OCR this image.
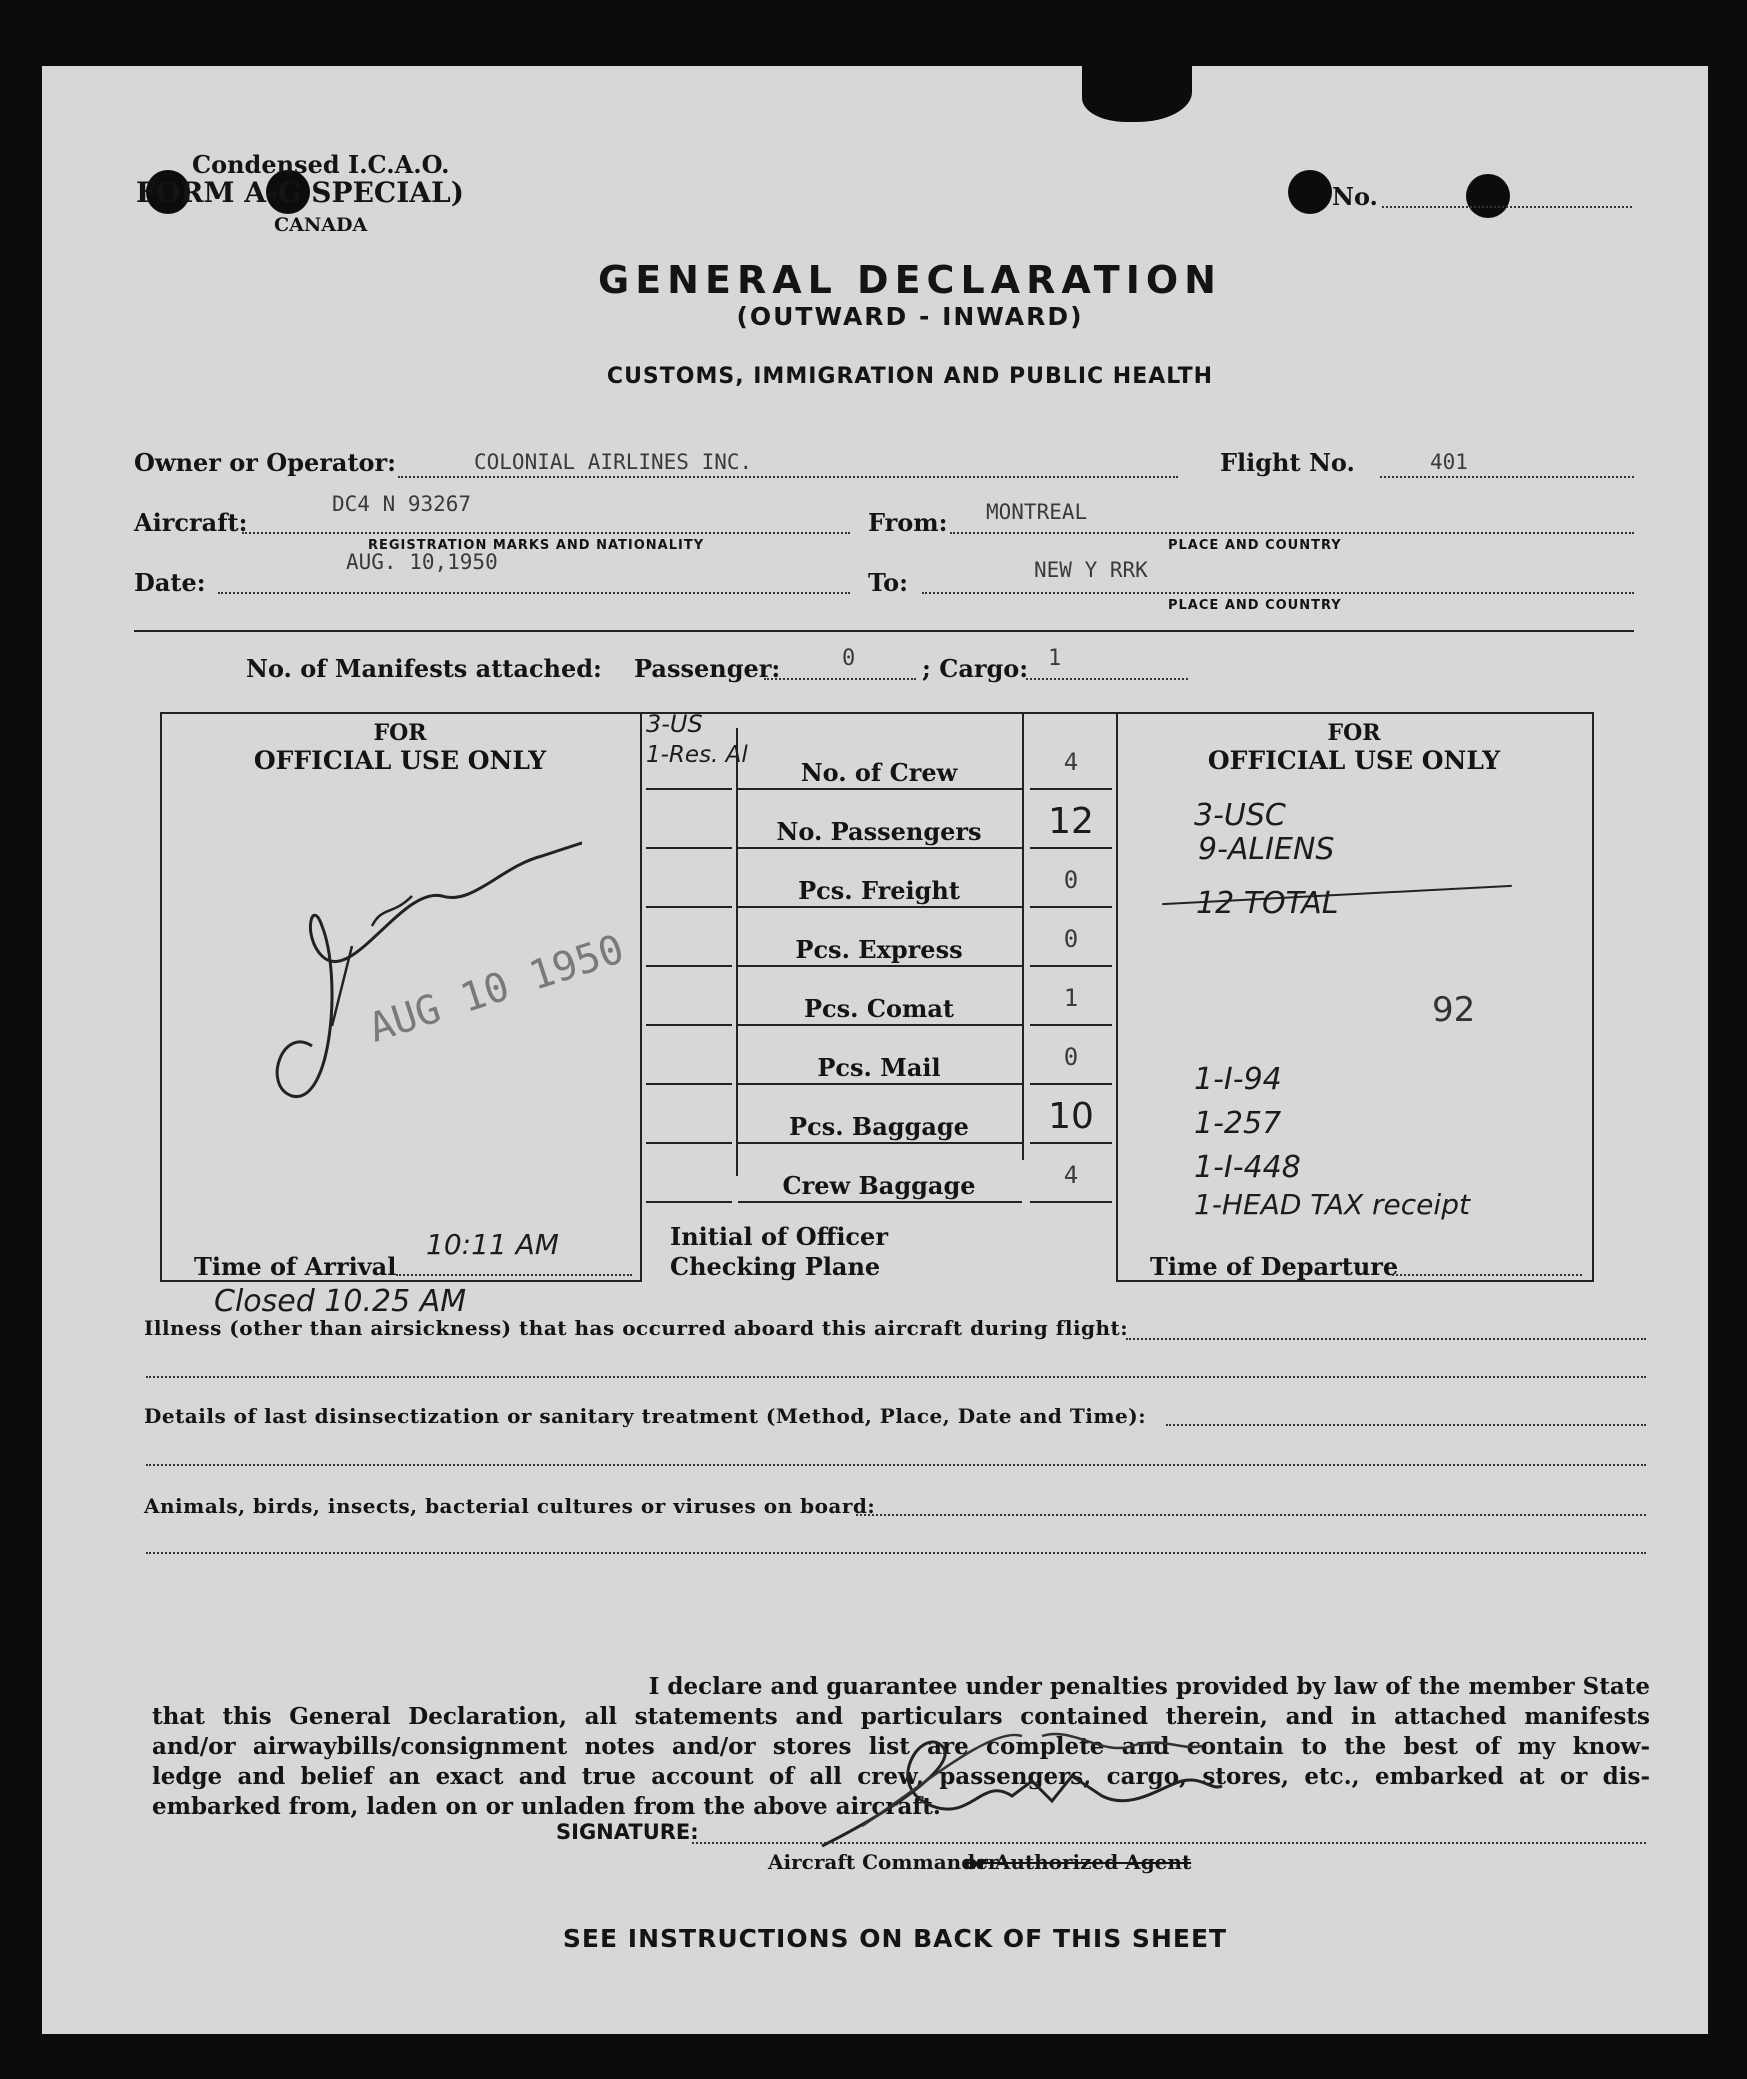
Condensed I.C.A.O.
FORM A-G SPECIAL)
CANADA
No.
GENERAL DECLARATION
(OUTWARD - INWARD)
CUSTOMS, IMMIGRATION AND PUBLIC HEALTH
Owner or Operator:	COLONIAL AIRLINES INC.	Flight No.	401
Aircraft:
DC4 N 93267
REGISTRATION MARKS AND NATIONALITY
From: MONTREAL
PLACE AND COUNTRY
Date:
AUG. 10,1950
To:	NEW Y RRK
PLACE AND COUNTRY
No. of Manifests attached: Passenger:	0	; Cargo: 1
FOR
OFFICIAL USE ONLY
FOR
OFFICIAL USE ONLY
No. of Crew	4
No. Passengers	12
Pcs. Freight	0
Pcs. Express	0
Pcs. Comat	1
Pcs. Mail	0
Pcs. Baggage	10
Crew Baggage	4
3-US
1-Res. Al
Time of Arrival
10:11 AM	Initial of Officer
Checking Plane	Time of Departure
AUG 10 1950
3-USC
9-ALIENS
12 TOTAL
92
1-I-94
1-257
1-I-448
1-HEAD TAX receipt
Closed 10.25 AM
Illness (other than airsickness) that has occurred aboard this aircraft during flight:
Details of last disinsectization or sanitary treatment (Method, Place, Date and Time):
Animals, birds, insects, bacterial cultures or viruses on board:
I declare and guarantee under penalties provided by law of the member State
that this General Declaration, all statements and particulars contained therein, and in attached manifests
and/or airwaybills/consignment notes and/or stores list are complete and contain to the best of my know-
ledge and belief an exact and true account of all crew, passengers, cargo, stores, etc., embarked at or dis-
embarked from, laden on or unladen from the above aircraft.
SIGNATURE:
Aircraft Commander
or Authorized Agent
SEE INSTRUCTIONS ON BACK OF THIS SHEET
